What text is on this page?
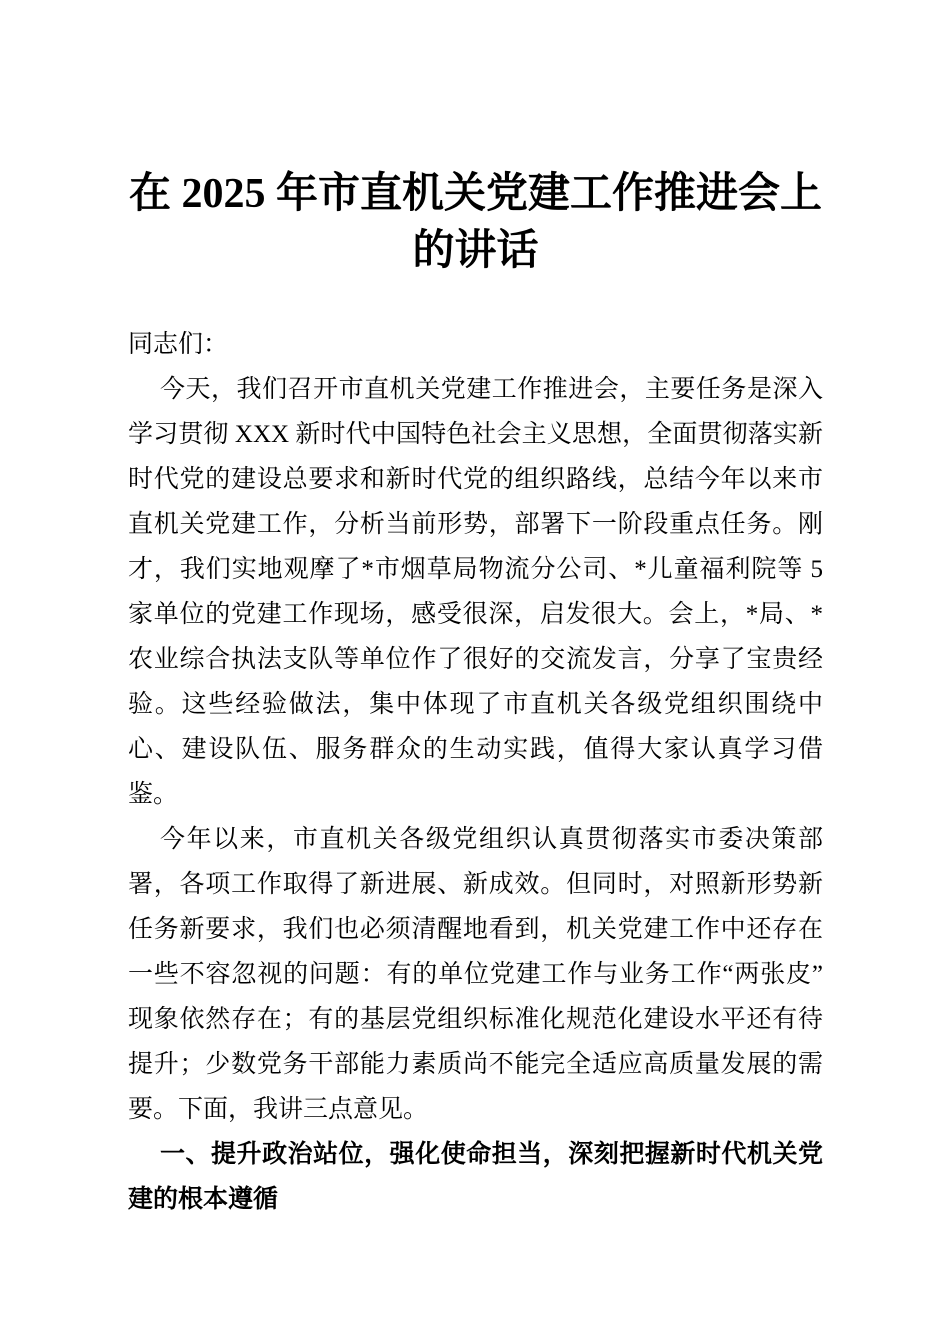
在 2025 年市直机关党建工作推进会上
的讲话

同志们：

今天，我们召开市直机关党建工作推进会，主要任务是深入学习贯彻 XXX 新时代中国特色社会主义思想，全面贯彻落实新时代党的建设总要求和新时代党的组织路线，总结今年以来市直机关党建工作，分析当前形势，部署下一阶段重点任务。刚才，我们实地观摩了*市烟草局物流分公司、*儿童福利院等 5 家单位的党建工作现场，感受很深，启发很大。会上，*局、*农业综合执法支队等单位作了很好的交流发言，分享了宝贵经验。这些经验做法，集中体现了市直机关各级党组织围绕中心、建设队伍、服务群众的生动实践，值得大家认真学习借鉴。

今年以来，市直机关各级党组织认真贯彻落实市委决策部署，各项工作取得了新进展、新成效。但同时，对照新形势新任务新要求，我们也必须清醒地看到，机关党建工作中还存在一些不容忽视的问题：有的单位党建工作与业务工作“两张皮”现象依然存在；有的基层党组织标准化规范化建设水平还有待提升；少数党务干部能力素质尚不能完全适应高质量发展的需要。下面，我讲三点意见。

一、提升政治站位，强化使命担当，深刻把握新时代机关党建的根本遵循
